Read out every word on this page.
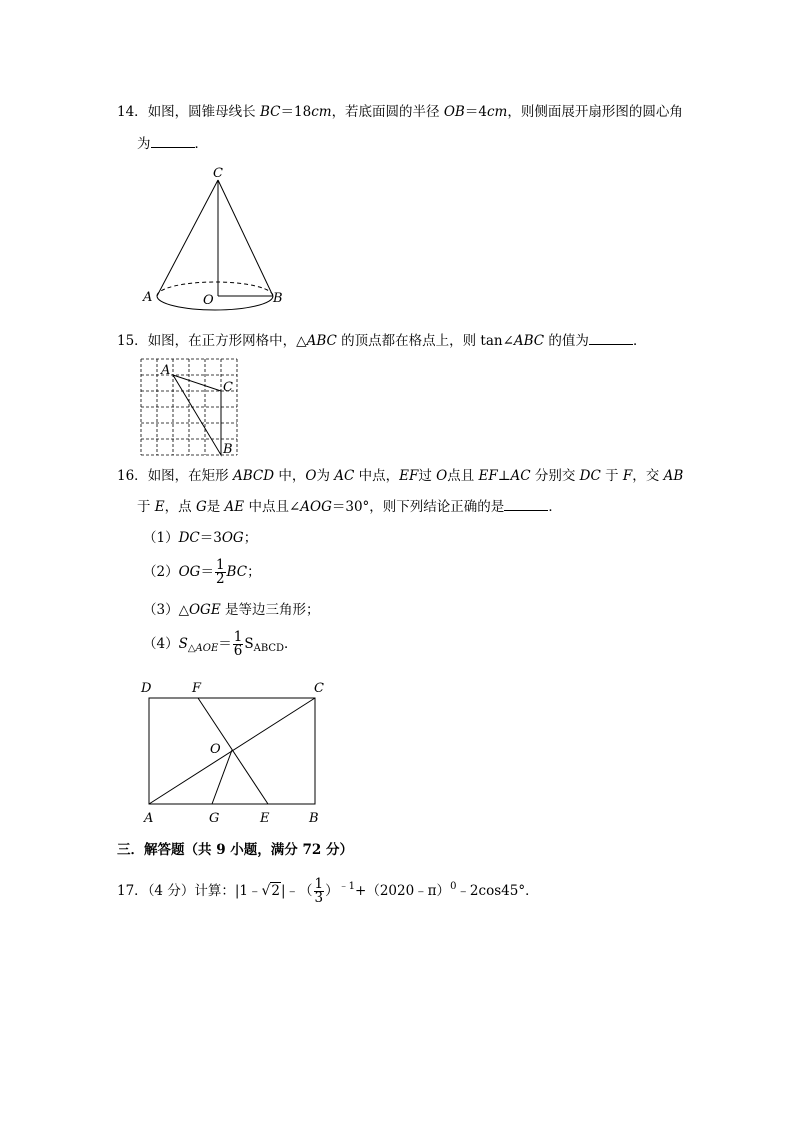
14．如图，圆锥母线长 BC＝18cm，若底面圆的半径 OB＝4cm，则侧面展开扇形图的圆心角
为	．
C
A	O	B
15．如图，在正方形网格中，△ABC 的顶点都在格点上，则 tan∠ABC 的值为	．
A
C
B
16．如图，在矩形 ABCD 中，O为 AC 中点，EF过 O点且 EF⊥AC 分别交 DC 于 F，交 AB
于 E，点 G是 AE 中点且∠AOG＝30°，则下列结论正确的是	．
（1）DC＝3OG；
$(2)OG= \frac{1}{2}$ BC；
（3）△OGE 是等边三角形；
$(4)S_{\triangle AOE}= \frac{1}{6} S_{ABCD}$．
D	F	C
O
A	G	E	B
三．解答题（共 9 小题，满分 72 分）
17．（4 分）计算：|1﹣√2|﹣（ $\frac{1}{3}$ ）$^{﹣1}$+（2020﹣π）$^0$﹣2cos45°．
